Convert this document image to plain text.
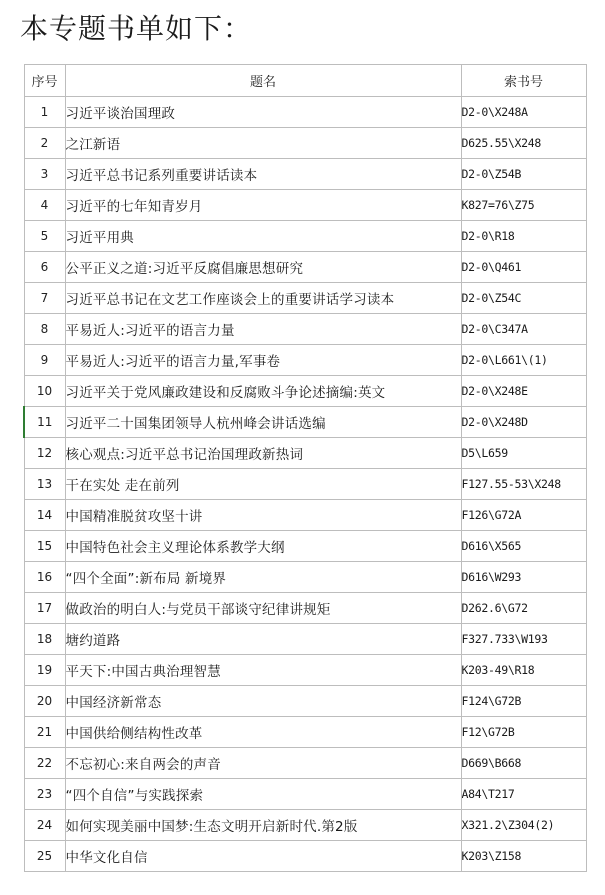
本专题书单如下：
序号	题名	索书号
1	习近平谈治国理政	D2-0\X248A
2	之江新语	D625.55\X248
3	习近平总书记系列重要讲话读本	D2-0\Z54B
4	习近平的七年知青岁月	K827=76\Z75
5	习近平用典	D2-0\R18
6	公平正义之道:习近平反腐倡廉思想研究	D2-0\Q461
7	习近平总书记在文艺工作座谈会上的重要讲话学习读本	D2-0\Z54C
8	平易近人:习近平的语言力量	D2-0\C347A
9	平易近人:习近平的语言力量,军事卷	D2-0\L661\(1)
10	习近平关于党风廉政建设和反腐败斗争论述摘编:英文	D2-0\X248E
11	习近平二十国集团领导人杭州峰会讲话选编	D2-0\X248D
12	核心观点:习近平总书记治国理政新热词	D5\L659
13	干在实处 走在前列	F127.55-53\X248
14	中国精准脱贫攻坚十讲	F126\G72A
15	中国特色社会主义理论体系教学大纲	D616\X565
16	“四个全面”:新布局 新境界	D616\W293
17	做政治的明白人:与党员干部谈守纪律讲规矩	D262.6\G72
18	塘约道路	F327.733\W193
19	平天下:中国古典治理智慧	K203-49\R18
20	中国经济新常态	F124\G72B
21	中国供给侧结构性改革	F12\G72B
22	不忘初心:来自两会的声音	D669\B668
23	“四个自信”与实践探索	A84\T217
24	如何实现美丽中国梦:生态文明开启新时代.第2版	X321.2\Z304(2)
25	中华文化自信	K203\Z158
